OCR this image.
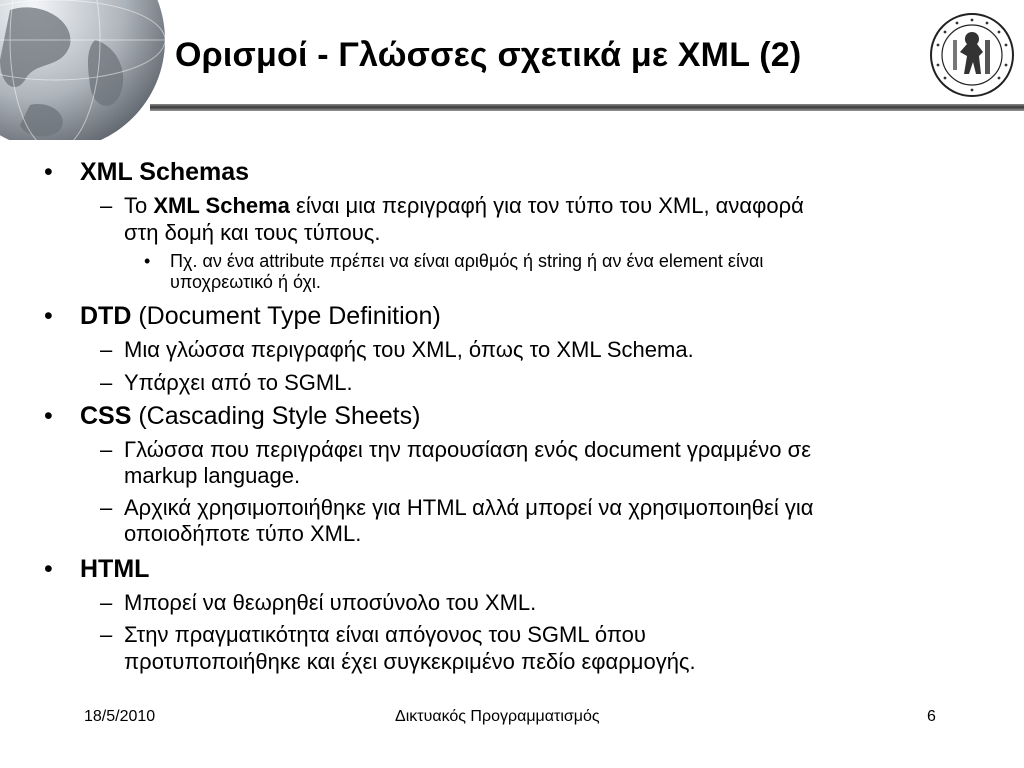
Ορισμοί - Γλώσσες σχετικά με XML (2)
• XML Schemas
– Το XML Schema είναι μια περιγραφή για τον τύπο του XML, αναφορά
στη δομή και τους τύπους.
• Πχ. αν ένα attribute πρέπει να είναι αριθμός ή string ή αν ένα element είναι
υποχρεωτικό ή όχι.
• DTD (Document Type Definition)
– Μια γλώσσα περιγραφής του XML, όπως το XML Schema.
– Υπάρχει από το SGML.
• CSS (Cascading Style Sheets)
– Γλώσσα που περιγράφει την παρουσίαση ενός document γραμμένο σε
markup language.
– Αρχικά χρησιμοποιήθηκε για HTML αλλά μπορεί να χρησιμοποιηθεί για
οποιοδήποτε τύπο XML.
• HTML
– Μπορεί να θεωρηθεί υποσύνολο του XML.
– Στην πραγματικότητα είναι απόγονος του SGML όπου
προτυποποιήθηκε και έχει συγκεκριμένο πεδίο εφαρμογής.
18/5/2010	Δικτυακός Προγραμματισμός	6
